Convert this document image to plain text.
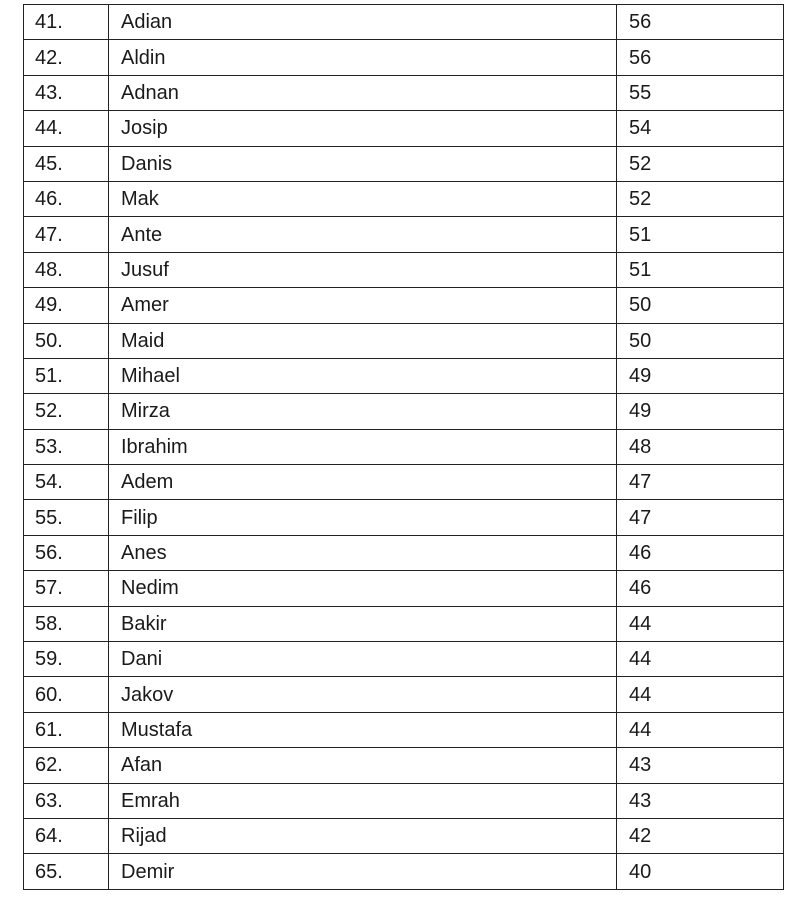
41.	Adian	56
42.	Aldin	56
43.	Adnan	55
44.	Josip	54
45.	Danis	52
46.	Mak	52
47.	Ante	51
48.	Jusuf	51
49.	Amer	50
50.	Maid	50
51.	Mihael	49
52.	Mirza	49
53.	Ibrahim	48
54.	Adem	47
55.	Filip	47
56.	Anes	46
57.	Nedim	46
58.	Bakir	44
59.	Dani	44
60.	Jakov	44
61.	Mustafa	44
62.	Afan	43
63.	Emrah	43
64.	Rijad	42
65.	Demir	40
